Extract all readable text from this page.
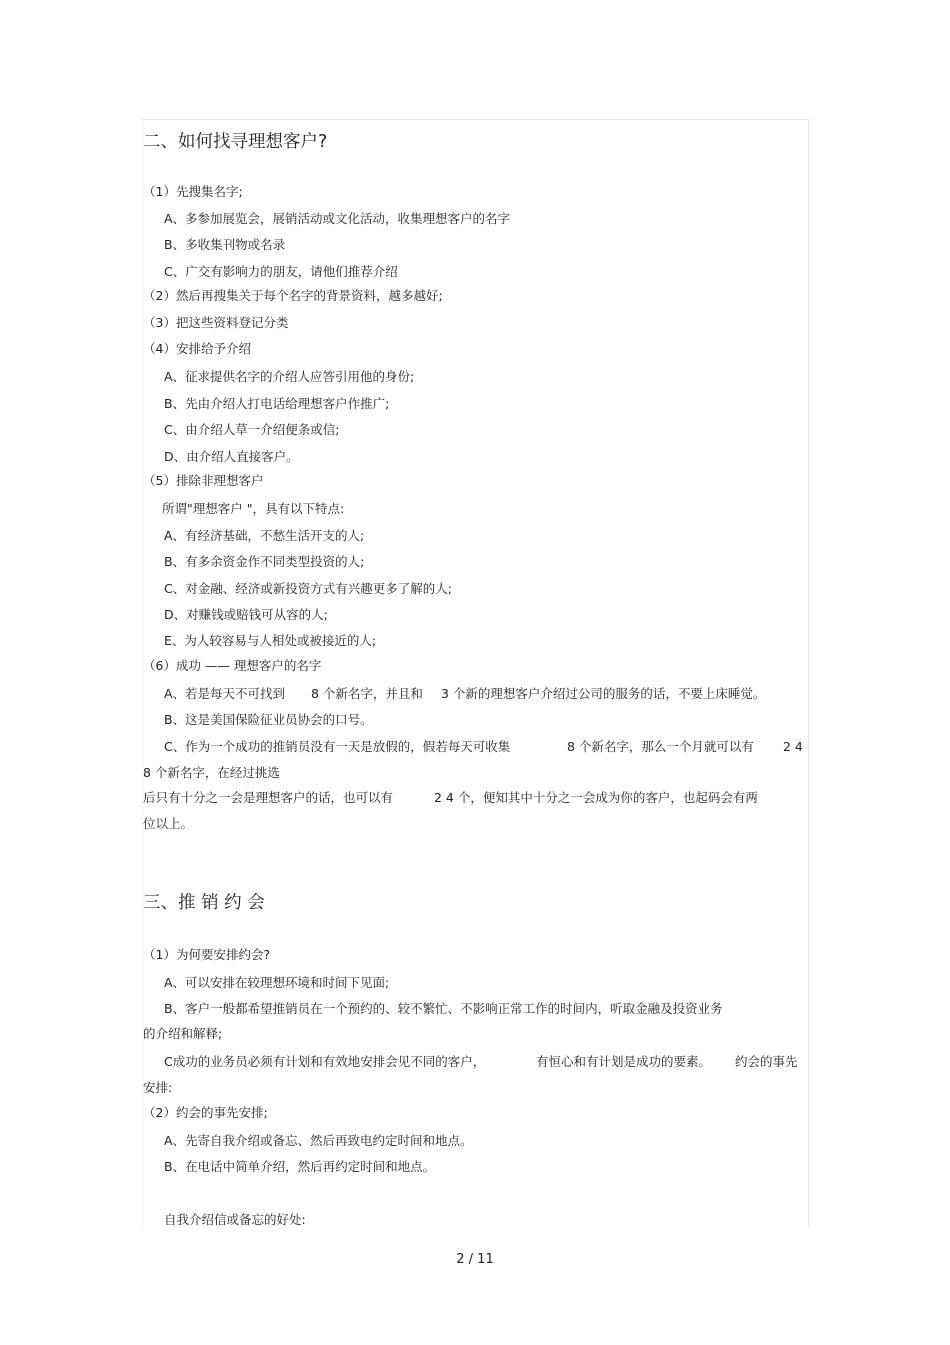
二、如何找寻理想客户?
（1）先搜集名字;
A、多参加展览会，展销活动或文化活动，收集理想客户的名字
B、多收集刊物或名录
C、广交有影响力的朋友，请他们推荐介绍
（2）然后再搜集关于每个名字的背景资料，越多越好;
（3）把这些资料登记分类
（4）安排给予介绍
A、征求提供名字的介绍人应答引用他的身份;
B、先由介绍人打电话给理想客户作推广;
C、由介绍人草一介绍便条或信;
D、由介绍人直接客户。
（5）排除非理想客户
所谓"理想客户 "，具有以下特点:
A、有经济基础，不愁生活开支的人;
B、有多余资金作不同类型投资的人;
C、对金融、经济或新投资方式有兴趣更多了解的人;
D、对赚钱或赔钱可从容的人;
E、为人较容易与人相处或被接近的人;
（6）成功 —— 理想客户的名字
A、若是每天不可找到 8 个新名字，并且和 3 个新的理想客户介绍过公司的服务的话，不要上床睡觉。
B、这是美国保险征业员协会的口号。
C、作为一个成功的推销员没有一天是放假的，假若每天可收集	8 个新名字，那么一个月就可以有 2 4
8 个新名字，在经过挑选
后只有十分之一会是理想客户的话，也可以有	2 4 个，便知其中十分之一会成为你的客户，也起码会有两
位以上。
三、推 销 约 会
（1）为何要安排约会?
A、可以安排在较理想环境和时间下见面;
B、客户一般都希望推销员在一个预约的、较不繁忙、不影响正常工作的时间内，听取金融及投资业务
的介绍和解释;
C成功的业务员必须有计划和有效地安排会见不同的客户，	有恒心和有计划是成功的要素。 约会的事先
安排:
（2）约会的事先安排;
A、先寄自我介绍或备忘、然后再致电约定时间和地点。
B、在电话中简单介绍，然后再约定时间和地点。
自我介绍信或备忘的好处:
2 / 11
